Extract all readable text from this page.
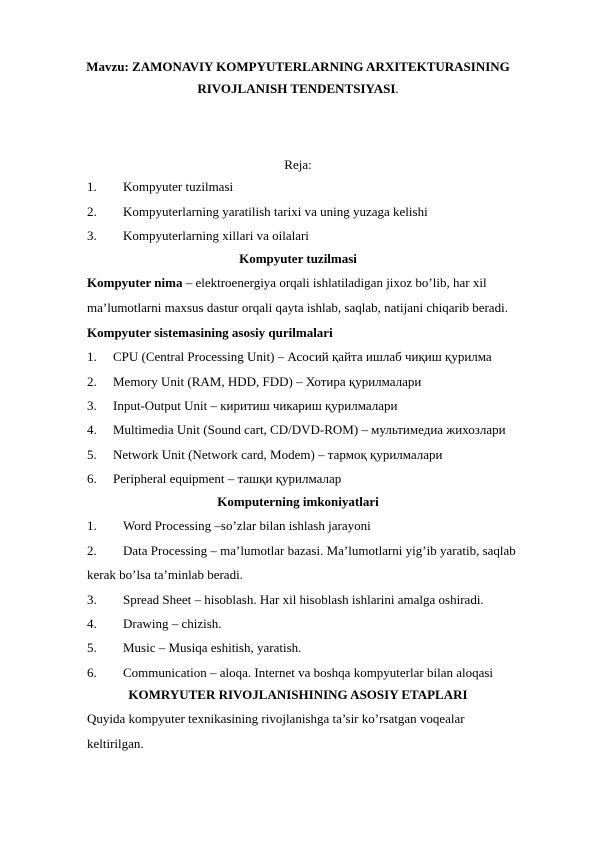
Mavzu: ZAMONAVIY KOMPYUTERLARNING ARXITEKTURASINING
RIVOJLANISH TENDENTSIYASI.
Reja:
1. Kompyuter tuzilmasi
2. Kompyuterlarning yaratilish tarixi va uning yuzaga kelishi
3. Kompyuterlarning xillari va oilalari
Kompyuter tuzilmasi
Kompyuter nima – elektroenergiya orqali ishlatiladigan jixoz bo’lib, har xil
ma’lumotlarni maxsus dastur orqali qayta ishlab, saqlab, natijani chiqarib beradi.
Kompyuter sistemasining asosiy qurilmalari
1. CPU (Central Processing Unit) – Асосий қайта ишлаб чиқиш қурилма
2. Memory Unit (RAM, HDD, FDD) – Хотира қурилмалари
3. Input-Output Unit – киритиш чикариш қурилмалари
4. Multimedia Unit (Sound cart, CD/DVD-ROM) – мультимедиа жихозлари
5. Network Unit (Network card, Modem) – тармоқ қурилмалари
6. Peripheral equipment – ташқи қурилмалар
Komputerning imkoniyatlari
1. Word Processing –so’zlar bilan ishlash jarayoni
2. Data Processing – ma’lumotlar bazasi. Ma’lumotlarni yig’ib yaratib, saqlab
kerak bo’lsa ta’minlab beradi.
3. Spread Sheet – hisoblash. Har xil hisoblash ishlarini amalga oshiradi.
4. Drawing – chizish.
5. Music – Musiqa eshitish, yaratish.
6. Communication – aloqa. Internet va boshqa kompyuterlar bilan aloqasi
KOMRYUTER RIVOJLANISHINING ASOSIY ETAPLARI
Quyida kompyuter texnikasining rivojlanishga ta’sir ko’rsatgan voqealar
keltirilgan.
